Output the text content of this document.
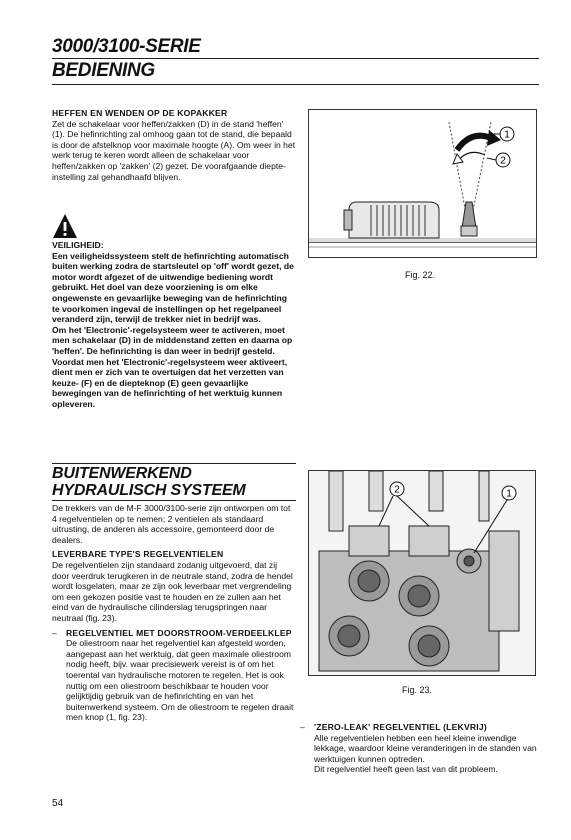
3000/3100-SERIE
BEDIENING
HEFFEN EN WENDEN OP DE KOPAKKER

Zet de schakelaar voor heffen/zakken (D) in de stand 'heffen' (1). De hefinrichting zal omhoog gaan tot de stand, die bepaald is door de afstelknop voor maximale hoogte (A). Om weer in het werk terug te keren wordt alleen de schakelaar voor heffen/zakken op 'zakken' (2) gezet. De voorafgaande diepte-instelling zal gehandhaafd blijven.

VEILIGHEID:

Een veiligheidssysteem stelt de hefinrichting automatisch buiten werking zodra de startsleutel op 'off' wordt gezet, de motor wordt afgezet of de uitwendige bediening wordt gebruikt. Het doel van deze voorziening is om elke ongewenste en gevaarlijke beweging van de hefinrichting te voorkomen ingeval de instellingen op het regelpaneel veranderd zijn, terwijl de trekker niet in bedrijf was.

Om het 'Electronic'-regelsysteem weer te activeren, moet men schakelaar (D) in de middenstand zetten en daarna op 'heffen'. De hefinrichting is dan weer in bedrijf gesteld.

Voordat men het 'Electronic'-regelsysteem weer aktiveert, dient men er zich van te overtuigen dat het verzetten van keuze- (F) en de diepteknop (E) geen gevaarlijke bewegingen van de hefinrichting of het werktuig kunnen opleveren.

1
2
Fig. 22.
BUITENWERKEND
HYDRAULISCH SYSTEEM

De trekkers van de M-F 3000/3100-serie zijn ontworpen om tot 4 regelventielen op te nemen; 2 ventielen als standaard uitrusting, de anderen als accessoire, gemonteerd door de dealers.

LEVERBARE TYPE'S REGELVENTIELEN

De regelventielen zijn standaard zodanig uitgevoerd, dat zij door veerdruk terugkeren in de neutrale stand, zodra de hendel wordt losgelaten, maar ze zijn ook leverbaar met vergrendeling om een gekozen positie vast te houden en ze zullen aan het eind van de hydraulische cilinderslag terugspringen naar neutraal (fig. 23).

– REGELVENTIEL MET DOORSTROOM-VERDEELKLEP

De oliestroom naar het regelventiel kan afgesteld worden, aangepast aan het werktuig, dat geen maximale oliestroom nodig heeft, bijv. waar precisiewerk vereist is of om het toerental van hydraulische motoren te regelen. Het is ook nuttig om een oliestroom beschikbaar te houden voor gelijktijdig gebruik van de hefinrichting en van het buitenwerkend systeem. Om de oliestroom te regelen draait men knop (1, fig. 23).

1
2
Fig. 23.
– 'ZERO-LEAK' REGELVENTIEL (LEKVRIJ)

Alle regelventielen hebben een heel kleine inwendige lekkage, waardoor kleine veranderingen in de standen van werktuigen kunnen optreden.

Dit regelventiel heeft geen last van dit probleem.

54
